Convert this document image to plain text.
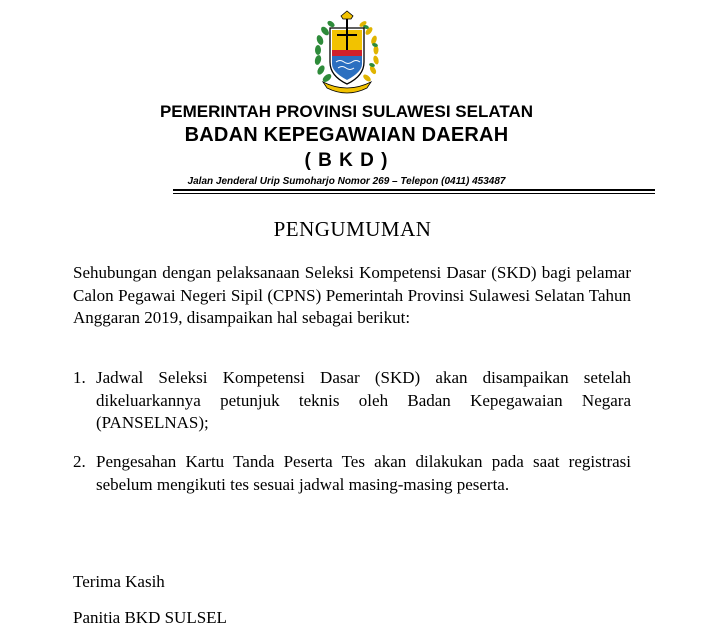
PEMERINTAH PROVINSI SULAWESI SELATAN
BADAN KEPEGAWAIAN DAERAH
( B K D )
Jalan Jenderal Urip Sumoharjo Nomor 269 – Telepon (0411) 453487
PENGUMUMAN
Sehubungan dengan pelaksanaan Seleksi Kompetensi Dasar (SKD) bagi pelamar Calon Pegawai Negeri Sipil (CPNS) Pemerintah Provinsi Sulawesi Selatan Tahun Anggaran 2019, disampaikan hal sebagai berikut:
1. Jadwal Seleksi Kompetensi Dasar (SKD) akan disampaikan setelah dikeluarkannya petunjuk teknis oleh Badan Kepegawaian Negara (PANSELNAS);
2. Pengesahan Kartu Tanda Peserta Tes akan dilakukan pada saat registrasi sebelum mengikuti tes sesuai jadwal masing-masing peserta.
Terima Kasih
Panitia BKD SULSEL
